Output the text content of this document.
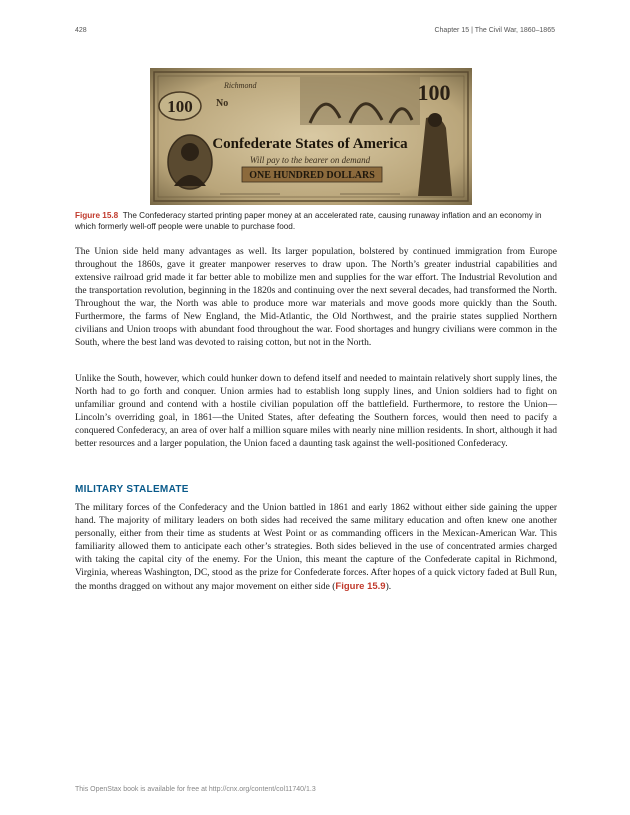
428	Chapter 15 | The Civil War, 1860–1865
100
100
Richmond
No
Confederate States of America
Will pay to the bearer on demand
ONE HUNDRED DOLLARS
Figure 15.8 The Confederacy started printing paper money at an accelerated rate, causing runaway inflation and an economy in which formerly well-off people were unable to purchase food.

The Union side held many advantages as well. Its larger population, bolstered by continued immigration from Europe throughout the 1860s, gave it greater manpower reserves to draw upon. The North’s greater industrial capabilities and extensive railroad grid made it far better able to mobilize men and supplies for the war effort. The Industrial Revolution and the transportation revolution, beginning in the 1820s and continuing over the next several decades, had transformed the North. Throughout the war, the North was able to produce more war materials and move goods more quickly than the South. Furthermore, the farms of New England, the Mid-Atlantic, the Old Northwest, and the prairie states supplied Northern civilians and Union troops with abundant food throughout the war. Food shortages and hungry civilians were common in the South, where the best land was devoted to raising cotton, but not in the North.

Unlike the South, however, which could hunker down to defend itself and needed to maintain relatively short supply lines, the North had to go forth and conquer. Union armies had to establish long supply lines, and Union soldiers had to fight on unfamiliar ground and contend with a hostile civilian population off the battlefield. Furthermore, to restore the Union—Lincoln’s overriding goal, in 1861—the United States, after defeating the Southern forces, would then need to pacify a conquered Confederacy, an area of over half a million square miles with nearly nine million residents. In short, although it had better resources and a larger population, the Union faced a daunting task against the well-positioned Confederacy.

MILITARY STALEMATE

The military forces of the Confederacy and the Union battled in 1861 and early 1862 without either side gaining the upper hand. The majority of military leaders on both sides had received the same military education and often knew one another personally, either from their time as students at West Point or as commanding officers in the Mexican-American War. This familiarity allowed them to anticipate each other’s strategies. Both sides believed in the use of concentrated armies charged with taking the capital city of the enemy. For the Union, this meant the capture of the Confederate capital in Richmond, Virginia, whereas Washington, DC, stood as the prize for Confederate forces. After hopes of a quick victory faded at Bull Run, the months dragged on without any major movement on either side (Figure 15.9).

This OpenStax book is available for free at http://cnx.org/content/col11740/1.3
